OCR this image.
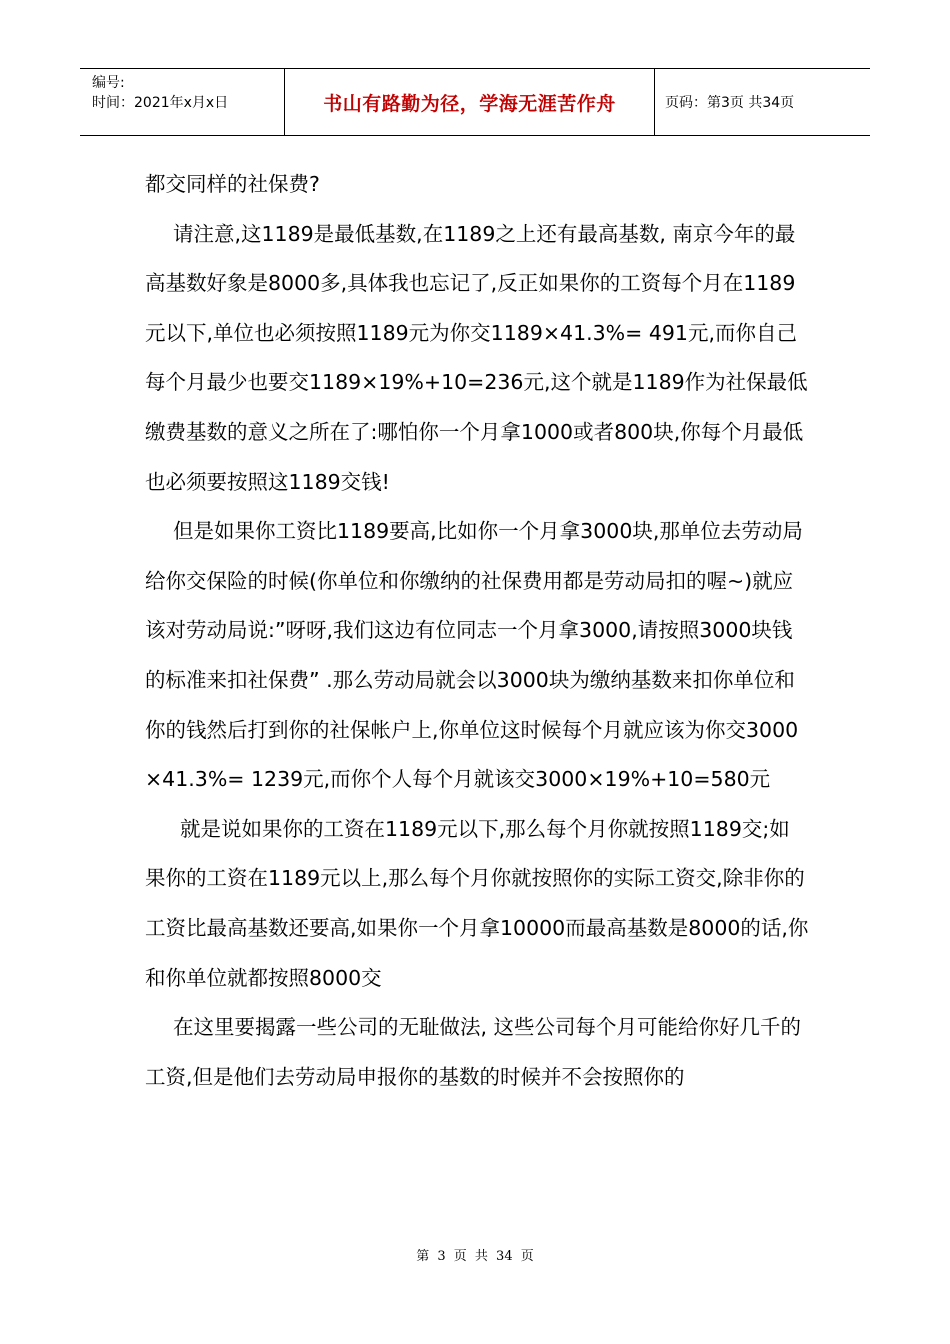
编号:
时间：2021年x月x日	书山有路勤为径，学海无涯苦作舟	页码：第3页 共34页

都交同样的社保费?

请注意,这1189是最低基数,在1189之上还有最高基数, 南京今年的最高基数好象是8000多,具体我也忘记了,反正如果你的工资每个月在1189元以下,单位也必须按照1189元为你交1189×41.3%= 491元,而你自己每个月最少也要交1189×19%+10=236元,这个就是1189作为社保最低缴费基数的意义之所在了:哪怕你一个月拿1000或者800块,你每个月最低也必须要按照这1189交钱!

但是如果你工资比1189要高,比如你一个月拿3000块,那单位去劳动局给你交保险的时候(你单位和你缴纳的社保费用都是劳动局扣的喔~)就应该对劳动局说:”呀呀,我们这边有位同志一个月拿3000,请按照3000块钱的标准来扣社保费” .那么劳动局就会以3000块为缴纳基数来扣你单位和你的钱然后打到你的社保帐户上,你单位这时候每个月就应该为你交3000×41.3%= 1239元,而你个人每个月就该交3000×19%+10=580元

就是说如果你的工资在1189元以下,那么每个月你就按照1189交;如果你的工资在1189元以上,那么每个月你就按照你的实际工资交,除非你的工资比最高基数还要高,如果你一个月拿10000而最高基数是8000的话,你和你单位就都按照8000交

在这里要揭露一些公司的无耻做法, 这些公司每个月可能给你好几千的工资,但是他们去劳动局申报你的基数的时候并不会按照你的

第 3 页 共 34 页
